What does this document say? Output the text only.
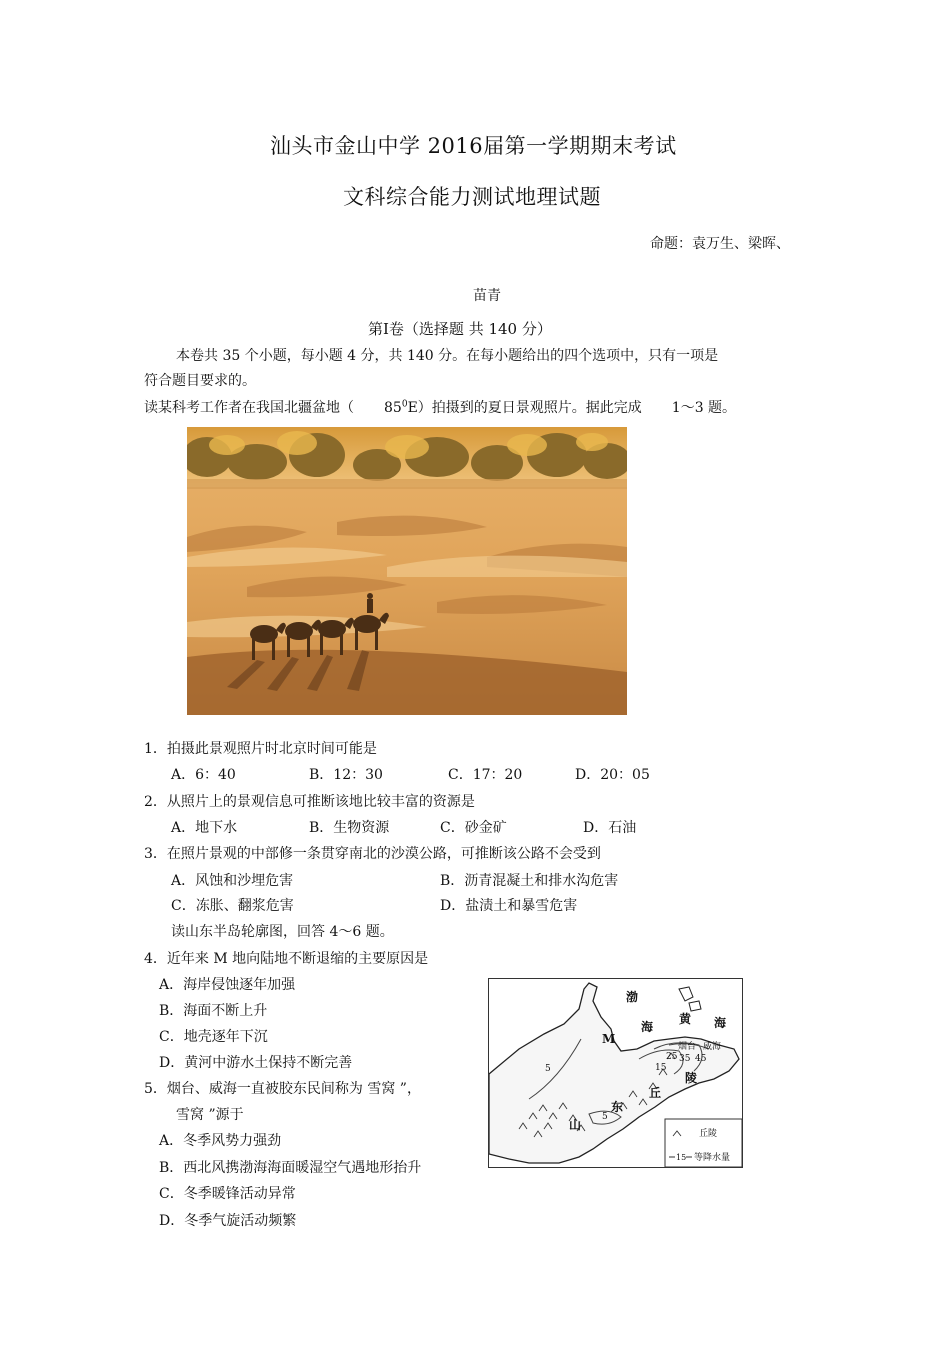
汕头市金山中学 2016届第一学期期末考试
文科综合能力测试地理试题
命题：袁万生、梁晖、
苗青
第Ⅰ卷（选择题 共 140 分）
本卷共 35 个小题，每小题 4 分，共 140 分。在每小题给出的四个选项中，只有一项是
符合题目要求的。
读某科考工作者在我国北疆盆地（ $85^0E$）拍摄到的夏日景观照片。据此完成 1～3 题。
1．拍摄此景观照片时北京时间可能是
A．6：40	B．12：30	C．17：20	D．20：05
2．从照片上的景观信息可推断该地比较丰富的资源是
A．地下水	B．生物资源	C．砂金矿	D．石油
3．在照片景观的中部修一条贯穿南北的沙漠公路，可推断该公路不会受到
A．风蚀和沙埋危害	B．沥青混凝土和排水沟危害
C．冻胀、翻浆危害	D．盐渍土和暴雪危害
读山东半岛轮廓图，回答 4～6 题。
4．近年来 M 地向陆地不断退缩的主要原因是
A．海岸侵蚀逐年加强
B．海面不断上升
C．地壳逐年下沉
D．黄河中游水土保持不断完善
5．烟台、威海一直被胶东民间称为 雪窝 ”，
雪窝 ”源于
A．冬季风势力强劲
B．西北风携渤海海面暖湿空气遇地形抬升
C．冬季暖锋活动异常
D．冬季气旋活动频繁
渤
海
黄 海
M
陵
丘
山
东
烟台 威海
5
5
15
25 35 45
丘陵
15 等降水量
